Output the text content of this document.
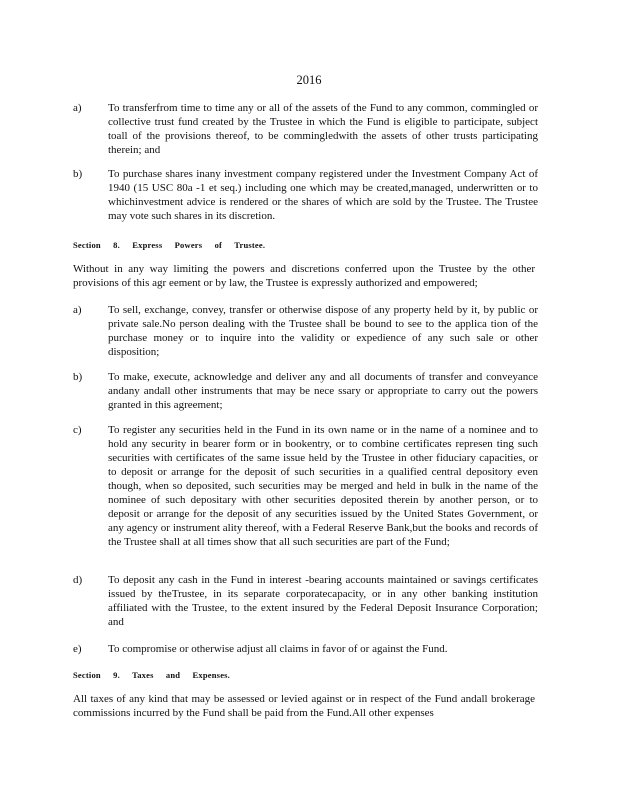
2016
a) To transferfrom time to time any or all of the assets of the Fund to any common, commingled or collective trust fund created by the Trustee in which the Fund is eligible to participate, subject toall of the provisions thereof, to be commingledwith the assets of other trusts participating therein; and
b) To purchase shares inany investment company registered under the Investment Company Act of 1940 (15 USC 80a -1 et seq.) including one which may be created,managed, underwritten or to whichinvestment advice is rendered or the shares of which are sold by the Trustee. The Trustee may vote such shares in its discretion.
Section 8. Express Powers of Trustee.
Without in any way limiting the powers and discretions conferred upon the Trustee by the other provisions of this agr eement or by law, the Trustee is expressly authorized and empowered;
a) To sell, exchange, convey, transfer or otherwise dispose of any property held by it, by public or private sale.No person dealing with the Trustee shall be bound to see to the applica tion of the purchase money or to inquire into the validity or expedience of any such sale or other disposition;
b) To make, execute, acknowledge and deliver any and all documents of transfer and conveyance andany andall other instruments that may be nece ssary or appropriate to carry out the powers granted in this agreement;
c) To register any securities held in the Fund in its own name or in the name of a nominee and to hold any security in bearer form or in bookentry, or to combine certificates represen ting such securities with certificates of the same issue held by the Trustee in other fiduciary capacities, or to deposit or arrange for the deposit of such securities in a qualified central depository even though, when so deposited, such securities may be merged and held in bulk in the name of the nominee of such depositary with other securities deposited therein by another person, or to deposit or arrange for the deposit of any securities issued by the United States Government, or any agency or instrument ality thereof, with a Federal Reserve Bank,but the books and records of the Trustee shall at all times show that all such securities are part of the Fund;
d) To deposit any cash in the Fund in interest -bearing accounts maintained or savings certificates issued by theTrustee, in its separate corporatecapacity, or in any other banking institution affiliated with the Trustee, to the extent insured by the Federal Deposit Insurance Corporation; and
e) To compromise or otherwise adjust all claims in favor of or against the Fund.
Section 9. Taxes and Expenses.
All taxes of any kind that may be assessed or levied against or in respect of the Fund andall brokerage commissions incurred by the Fund shall be paid from the Fund.All other expenses
